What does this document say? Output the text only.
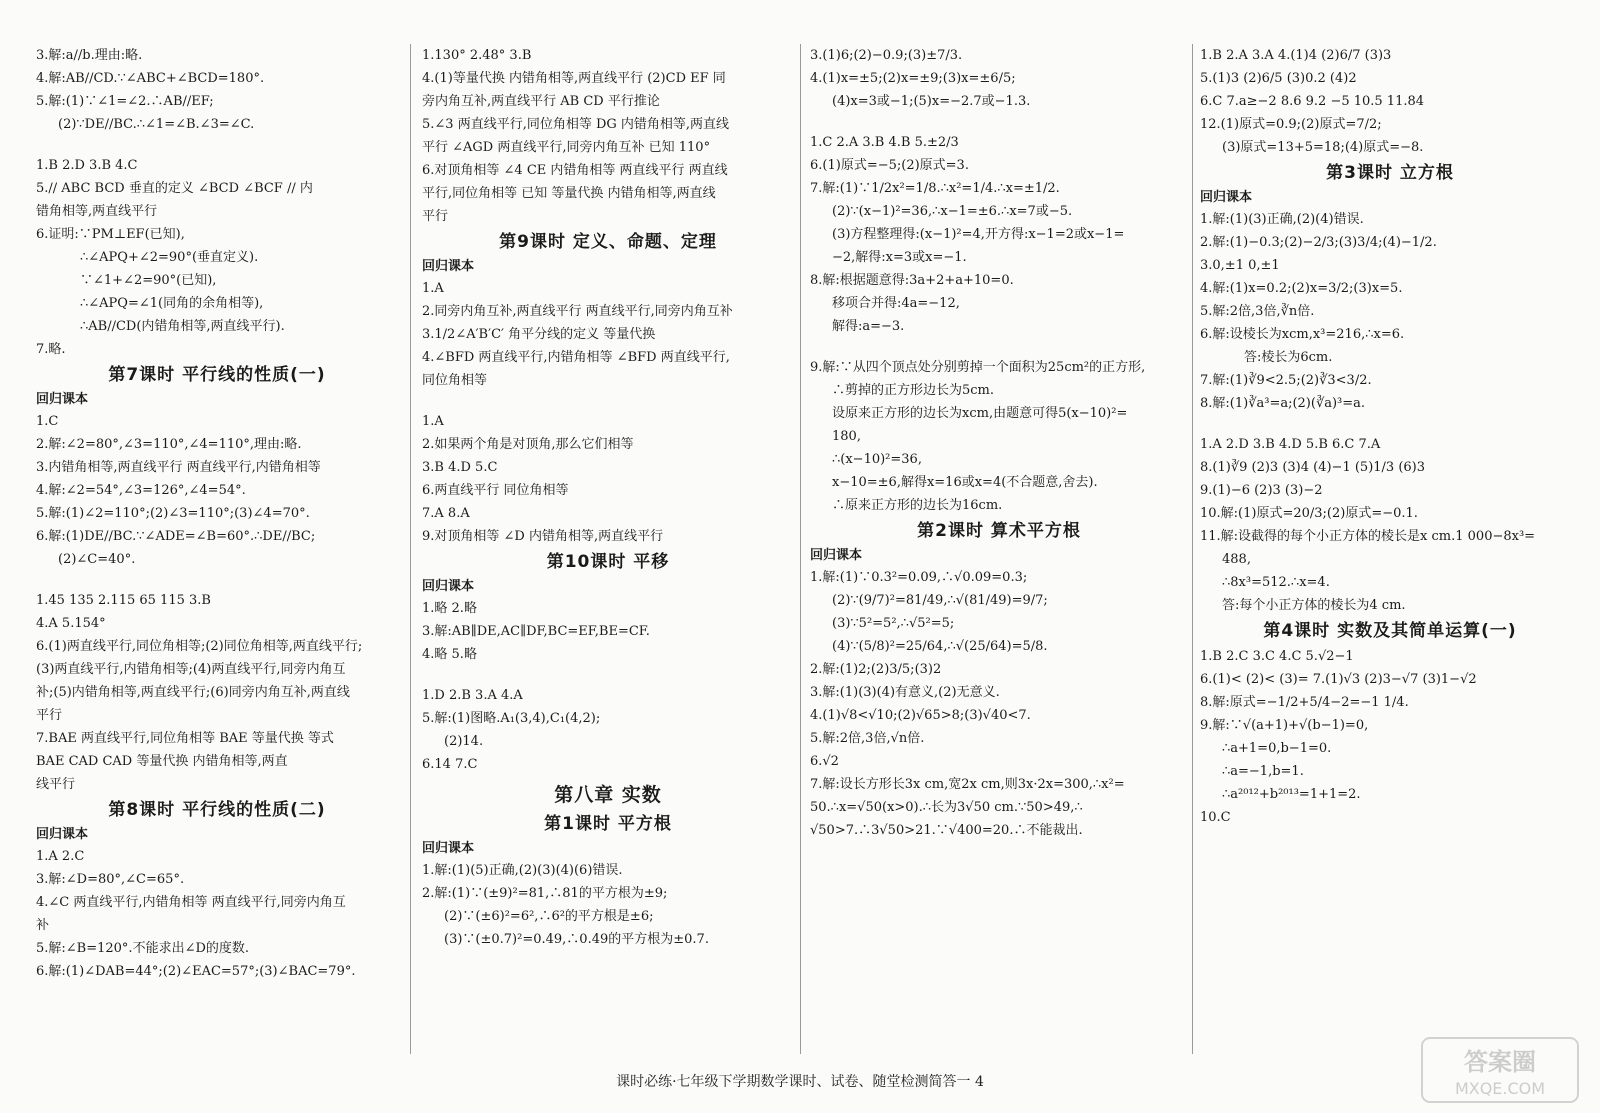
3.解:a//b.理由:略.
4.解:AB//CD.∵∠ABC+∠BCD=180°.
5.解:(1)∵∠1=∠2.∴AB//EF;
(2)∵DE//BC.∴∠1=∠B.∠3=∠C.
1.B 2.D 3.B 4.C
5.// ABC BCD 垂直的定义 ∠BCD ∠BCF // 内
错角相等,两直线平行
6.证明:∵PM⊥EF(已知),
∴∠APQ+∠2=90°(垂直定义).
∵∠1+∠2=90°(已知),
∴∠APQ=∠1(同角的余角相等),
∴AB//CD(内错角相等,两直线平行).
7.略.
第7课时 平行线的性质(一)
回归课本
1.C
2.解:∠2=80°,∠3=110°,∠4=110°,理由:略.
3.内错角相等,两直线平行 两直线平行,内错角相等
4.解:∠2=54°,∠3=126°,∠4=54°.
5.解:(1)∠2=110°;(2)∠3=110°;(3)∠4=70°.
6.解:(1)DE//BC.∵∠ADE=∠B=60°.∴DE//BC;
(2)∠C=40°.
1.45 135 2.115 65 115 3.B
4.A 5.154°
6.(1)两直线平行,同位角相等;(2)同位角相等,两直线平行;
(3)两直线平行,内错角相等;(4)两直线平行,同旁内角互
补;(5)内错角相等,两直线平行;(6)同旁内角互补,两直线
平行
7.BAE 两直线平行,同位角相等 BAE 等量代换 等式
BAE CAD CAD 等量代换 内错角相等,两直
线平行
第8课时 平行线的性质(二)
回归课本
1.A 2.C
3.解:∠D=80°,∠C=65°.
4.∠C 两直线平行,内错角相等 两直线平行,同旁内角互
补
5.解:∠B=120°.不能求出∠D的度数.
6.解:(1)∠DAB=44°;(2)∠EAC=57°;(3)∠BAC=79°.
1.130° 2.48° 3.B
4.(1)等量代换 内错角相等,两直线平行 (2)CD EF 同
旁内角互补,两直线平行 AB CD 平行推论
5.∠3 两直线平行,同位角相等 DG 内错角相等,两直线
平行 ∠AGD 两直线平行,同旁内角互补 已知 110°
6.对顶角相等 ∠4 CE 内错角相等 两直线平行 两直线
平行,同位角相等 已知 等量代换 内错角相等,两直线
平行
第9课时 定义、命题、定理
回归课本
1.A
2.同旁内角互补,两直线平行 两直线平行,同旁内角互补
3.1/2∠A′B′C′ 角平分线的定义 等量代换
4.∠BFD 两直线平行,内错角相等 ∠BFD 两直线平行,
同位角相等
1.A
2.如果两个角是对顶角,那么它们相等
3.B 4.D 5.C
6.两直线平行 同位角相等
7.A 8.A
9.对顶角相等 ∠D 内错角相等,两直线平行
第10课时 平移
回归课本
1.略 2.略
3.解:AB∥DE,AC∥DF,BC=EF,BE=CF.
4.略 5.略
1.D 2.B 3.A 4.A
5.解:(1)图略.A₁(3,4),C₁(4,2);
(2)14.
6.14 7.C
第八章 实数
第1课时 平方根
回归课本
1.解:(1)(5)正确,(2)(3)(4)(6)错误.
2.解:(1)∵(±9)²=81,∴81的平方根为±9;
(2)∵(±6)²=6²,∴6²的平方根是±6;
(3)∵(±0.7)²=0.49,∴0.49的平方根为±0.7.
3.(1)6;(2)−0.9;(3)±7/3.
4.(1)x=±5;(2)x=±9;(3)x=±6/5;
(4)x=3或−1;(5)x=−2.7或−1.3.
1.C 2.A 3.B 4.B 5.±2/3
6.(1)原式=−5;(2)原式=3.
7.解:(1)∵1/2x²=1/8.∴x²=1/4.∴x=±1/2.
(2)∵(x−1)²=36,∴x−1=±6.∴x=7或−5.
(3)方程整理得:(x−1)²=4,开方得:x−1=2或x−1=
−2,解得:x=3或x=−1.
8.解:根据题意得:3a+2+a+10=0.
移项合并得:4a=−12,
解得:a=−3.
9.解:∵从四个顶点处分别剪掉一个面积为25cm²的正方形,
∴剪掉的正方形边长为5cm.
设原来正方形的边长为xcm,由题意可得5(x−10)²=
180,
∴(x−10)²=36,
x−10=±6,解得x=16或x=4(不合题意,舍去).
∴原来正方形的边长为16cm.
第2课时 算术平方根
回归课本
1.解:(1)∵0.3²=0.09,∴√0.09=0.3;
(2)∵(9/7)²=81/49,∴√(81/49)=9/7;
(3)∵5²=5²,∴√5²=5;
(4)∵(5/8)²=25/64,∴√(25/64)=5/8.
2.解:(1)2;(2)3/5;(3)2
3.解:(1)(3)(4)有意义,(2)无意义.
4.(1)√8<√10;(2)√65>8;(3)√40<7.
5.解:2倍,3倍,√n倍.
6.√2
7.解:设长方形长3x cm,宽2x cm,则3x·2x=300,∴x²=
50.∴x=√50(x>0).∴长为3√50 cm.∵50>49,∴
√50>7.∴3√50>21.∵√400=20.∴不能裁出.
1.B 2.A 3.A 4.(1)4 (2)6/7 (3)3
5.(1)3 (2)6/5 (3)0.2 (4)2
6.C 7.a≥−2 8.6 9.2 −5 10.5 11.84
12.(1)原式=0.9;(2)原式=7/2;
(3)原式=13+5=18;(4)原式=−8.
第3课时 立方根
回归课本
1.解:(1)(3)正确,(2)(4)错误.
2.解:(1)−0.3;(2)−2/3;(3)3/4;(4)−1/2.
3.0,±1 0,±1
4.解:(1)x=0.2;(2)x=3/2;(3)x=5.
5.解:2倍,3倍,∛n倍.
6.解:设棱长为xcm,x³=216,∴x=6.
答:棱长为6cm.
7.解:(1)∛9<2.5;(2)∛3<3/2.
8.解:(1)∛a³=a;(2)(∛a)³=a.
1.A 2.D 3.B 4.D 5.B 6.C 7.A
8.(1)∛9 (2)3 (3)4 (4)−1 (5)1/3 (6)3
9.(1)−6 (2)3 (3)−2
10.解:(1)原式=20/3;(2)原式=−0.1.
11.解:设截得的每个小正方体的棱长是x cm.1 000−8x³=
488,
∴8x³=512.∴x=4.
答:每个小正方体的棱长为4 cm.
第4课时 实数及其简单运算(一)
1.B 2.C 3.C 4.C 5.√2−1
6.(1)< (2)< (3)= 7.(1)√3 (2)3−√7 (3)1−√2
8.解:原式=−1/2+5/4−2=−1 1/4.
9.解:∵√(a+1)+√(b−1)=0,
∴a+1=0,b−1=0.
∴a=−1,b=1.
∴a²⁰¹²+b²⁰¹³=1+1=2.
10.C
课时必练·七年级下学期数学课时、试卷、随堂检测简答一 4
答案圈
MXQE.COM
